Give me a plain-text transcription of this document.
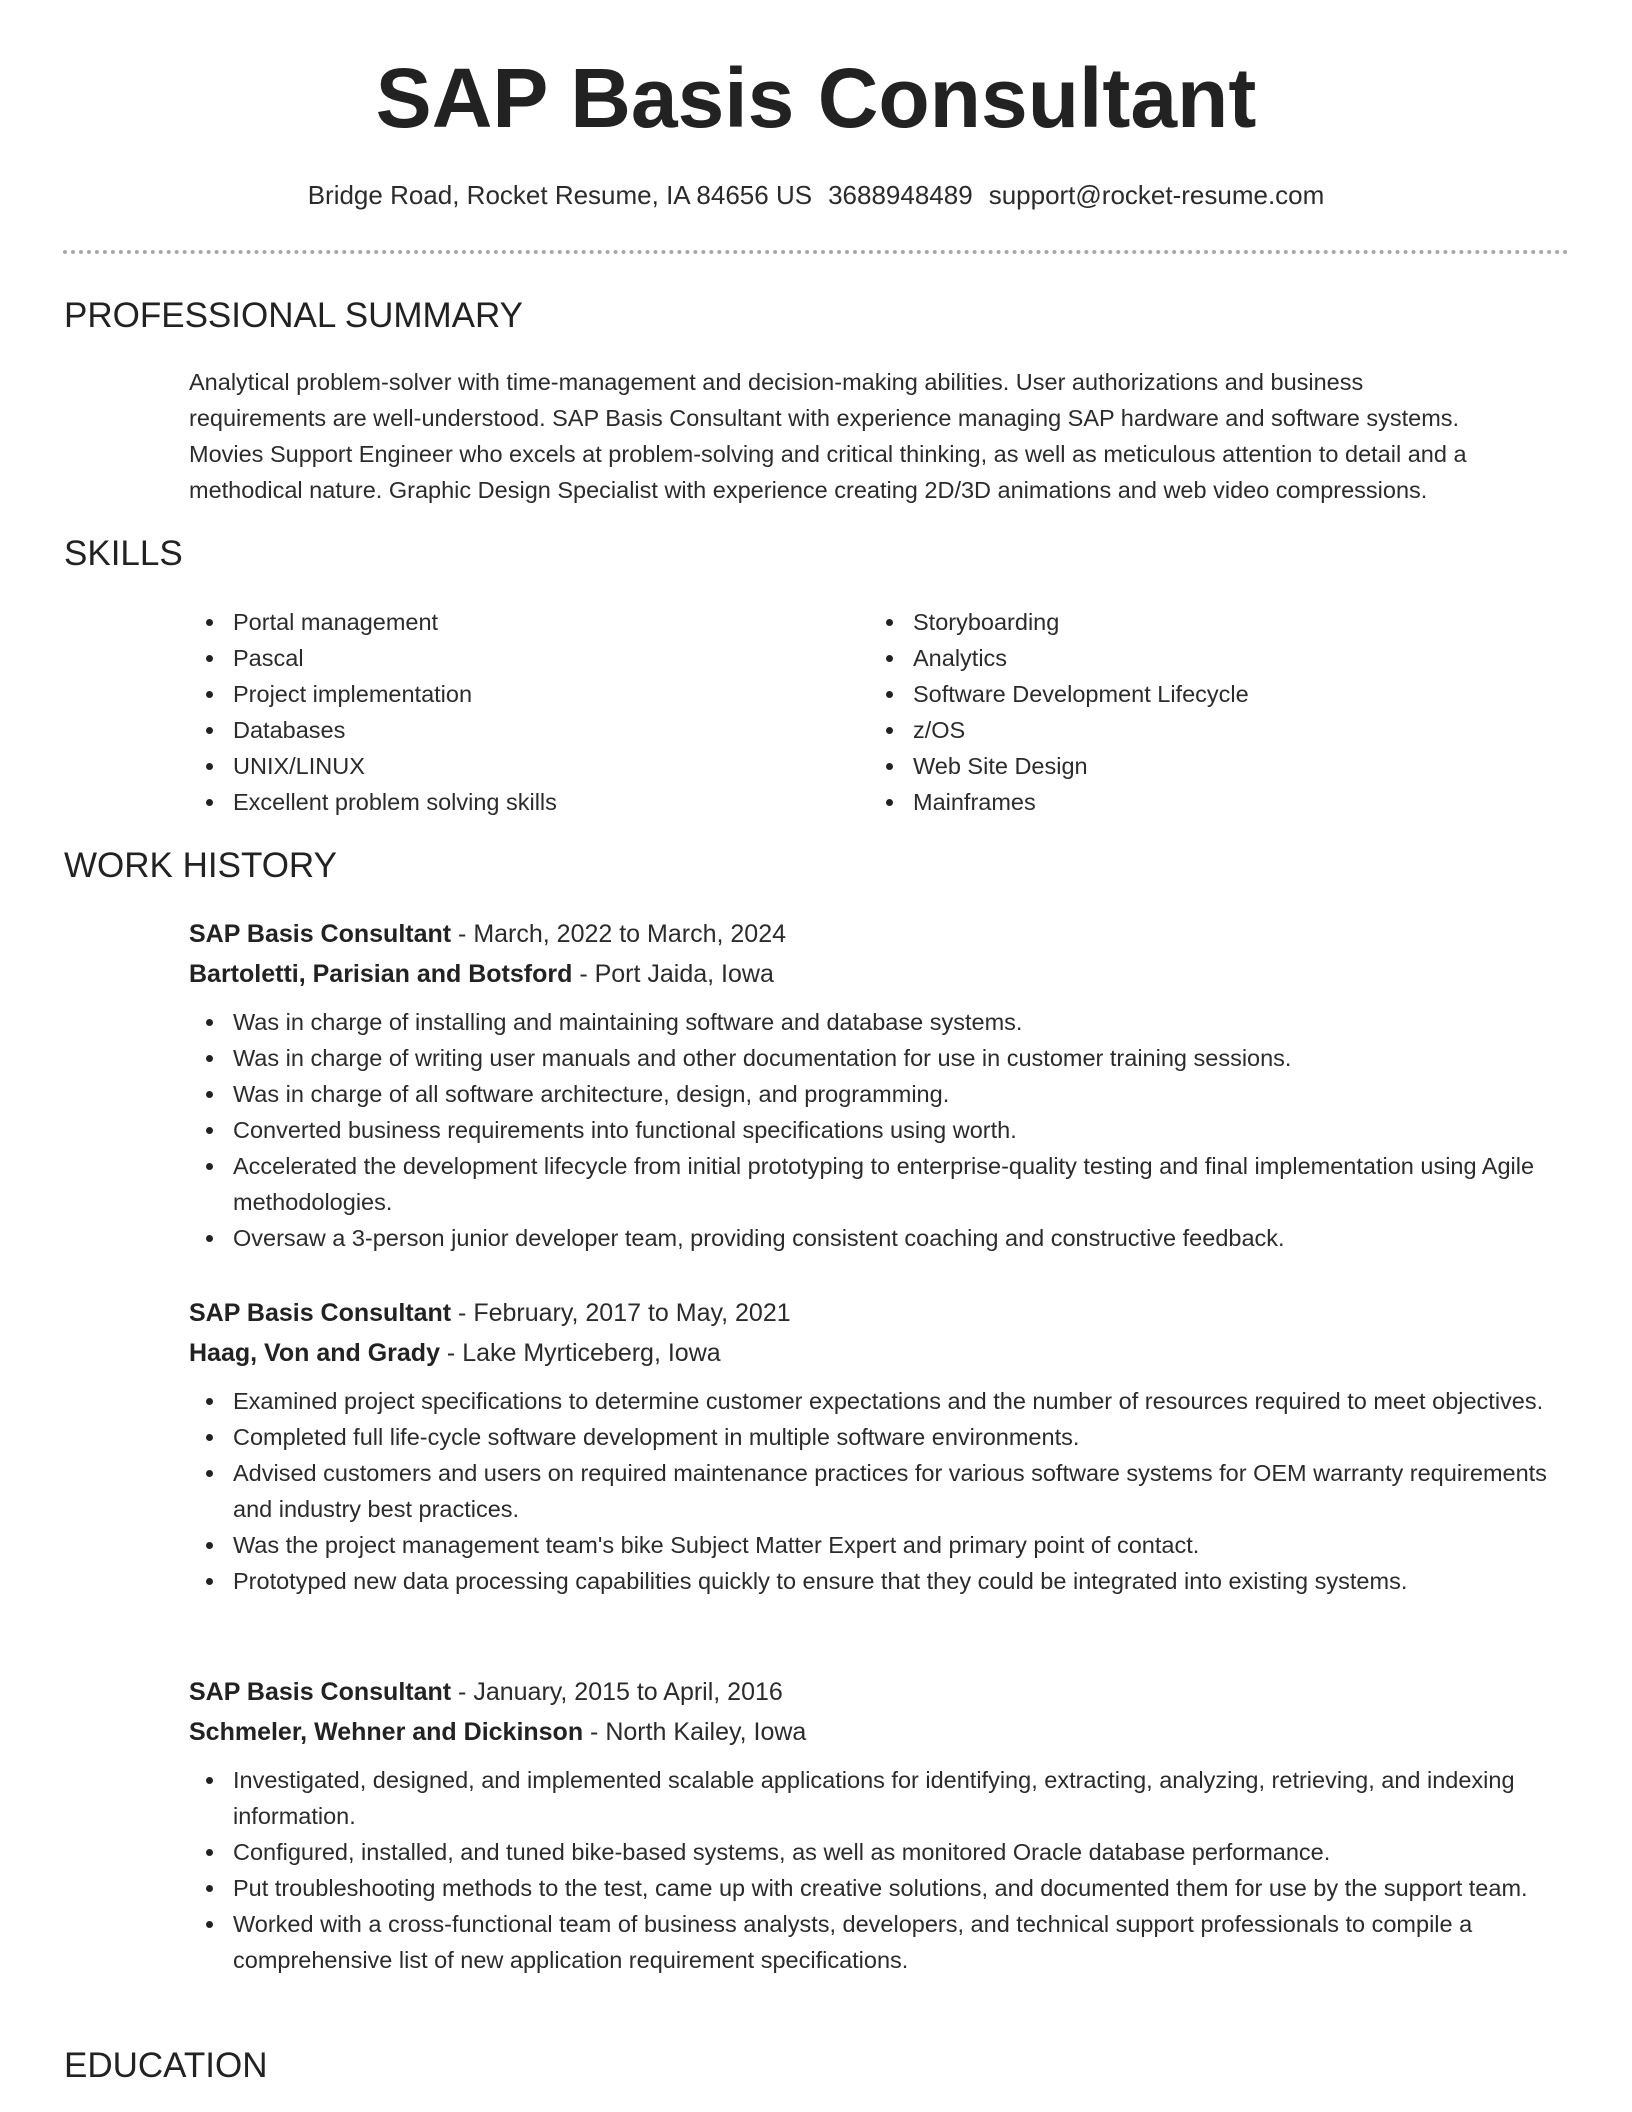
SAP Basis Consultant
Bridge Road, Rocket Resume, IA 84656 US 3688948489 support@rocket-resume.com
PROFESSIONAL SUMMARY
Analytical problem-solver with time-management and decision-making abilities. User authorizations and business
requirements are well-understood. SAP Basis Consultant with experience managing SAP hardware and software systems.
Movies Support Engineer who excels at problem-solving and critical thinking, as well as meticulous attention to detail and a
methodical nature. Graphic Design Specialist with experience creating 2D/3D animations and web video compressions.
SKILLS
Portal management
Pascal
Project implementation
Databases
UNIX/LINUX
Excellent problem solving skills
Storyboarding
Analytics
Software Development Lifecycle
z/OS
Web Site Design
Mainframes
WORK HISTORY
SAP Basis Consultant - March, 2022 to March, 2024
Bartoletti, Parisian and Botsford - Port Jaida, Iowa
Was in charge of installing and maintaining software and database systems.
Was in charge of writing user manuals and other documentation for use in customer training sessions.
Was in charge of all software architecture, design, and programming.
Converted business requirements into functional specifications using worth.
Accelerated the development lifecycle from initial prototyping to enterprise-quality testing and final implementation using Agile methodologies.
Oversaw a 3-person junior developer team, providing consistent coaching and constructive feedback.
SAP Basis Consultant - February, 2017 to May, 2021
Haag, Von and Grady - Lake Myrticeberg, Iowa
Examined project specifications to determine customer expectations and the number of resources required to meet objectives.
Completed full life-cycle software development in multiple software environments.
Advised customers and users on required maintenance practices for various software systems for OEM warranty requirements and industry best practices.
Was the project management team's bike Subject Matter Expert and primary point of contact.
Prototyped new data processing capabilities quickly to ensure that they could be integrated into existing systems.
SAP Basis Consultant - January, 2015 to April, 2016
Schmeler, Wehner and Dickinson - North Kailey, Iowa
Investigated, designed, and implemented scalable applications for identifying, extracting, analyzing, retrieving, and indexing information.
Configured, installed, and tuned bike-based systems, as well as monitored Oracle database performance.
Put troubleshooting methods to the test, came up with creative solutions, and documented them for use by the support team.
Worked with a cross-functional team of business analysts, developers, and technical support professionals to compile a comprehensive list of new application requirement specifications.
EDUCATION
